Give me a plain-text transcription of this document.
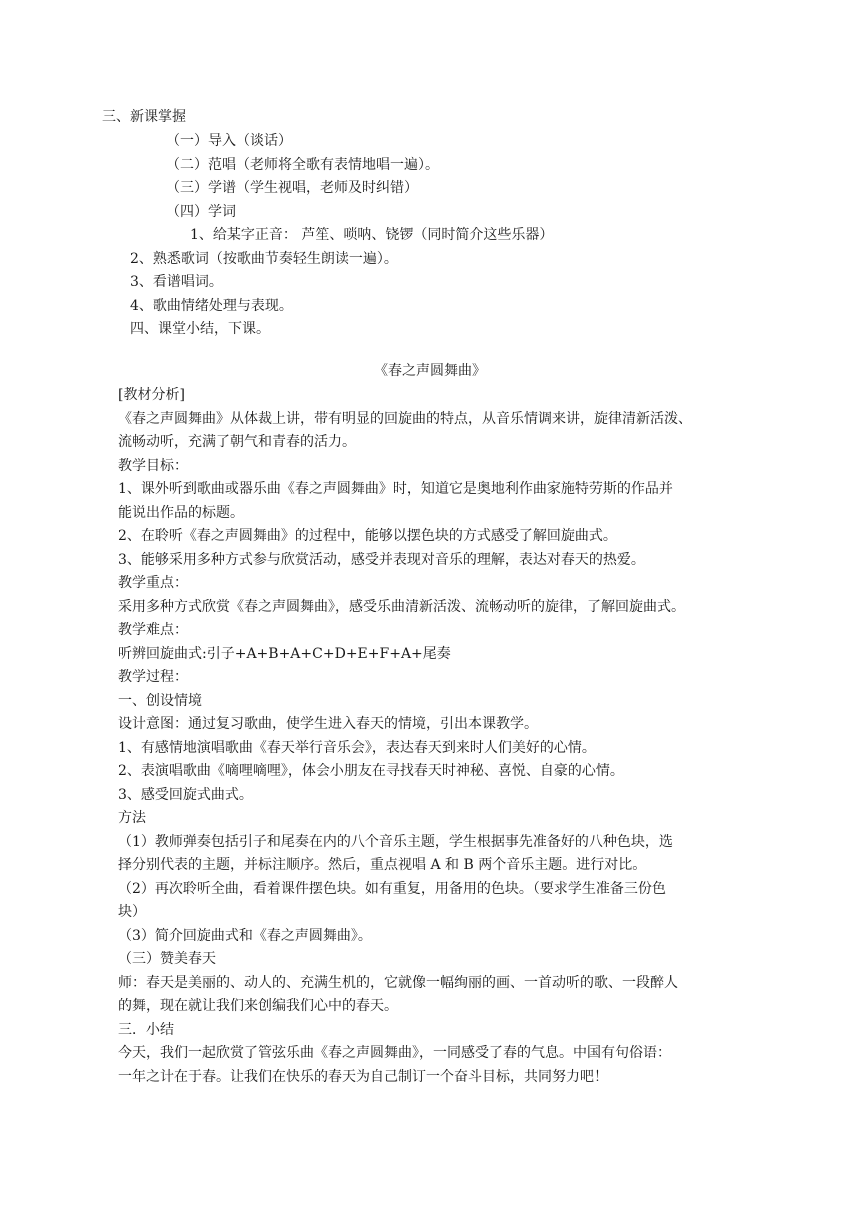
三、新课掌握
（一）导入（谈话）
（二）范唱（老师将全歌有表情地唱一遍）。
（三）学谱（学生视唱，老师及时纠错）
（四）学词
1、给某字正音： 芦笙、唢呐、铙锣（同时简介这些乐器）
2、熟悉歌词（按歌曲节奏轻生朗读一遍）。
3、看谱唱词。
4、歌曲情绪处理与表现。
四、课堂小结，下课。
《春之声圆舞曲》
[教材分析]
《春之声圆舞曲》从体裁上讲，带有明显的回旋曲的特点，从音乐情调来讲，旋律清新活泼、
流畅动听，充满了朝气和青春的活力。
教学目标：
1、课外听到歌曲或器乐曲《春之声圆舞曲》时，知道它是奥地利作曲家施特劳斯的作品并
能说出作品的标题。
2、在聆听《春之声圆舞曲》的过程中，能够以摆色块的方式感受了解回旋曲式。
3、能够采用多种方式参与欣赏活动，感受并表现对音乐的理解，表达对春天的热爱。
教学重点：
采用多种方式欣赏《春之声圆舞曲》，感受乐曲清新活泼、流畅动听的旋律，了解回旋曲式。
教学难点：
听辨回旋曲式:引子+A+B+A+C+D+E+F+A+尾奏
教学过程：
一、创设情境
设计意图：通过复习歌曲，使学生进入春天的情境，引出本课教学。
1、有感情地演唱歌曲《春天举行音乐会》，表达春天到来时人们美好的心情。
2、表演唱歌曲《嘀哩嘀哩》，体会小朋友在寻找春天时神秘、喜悦、自豪的心情。
3、感受回旋式曲式。
方法
（1）教师弹奏包括引子和尾奏在内的八个音乐主题，学生根据事先准备好的八种色块，选
择分别代表的主题，并标注顺序。然后，重点视唱 A 和 B 两个音乐主题。进行对比。
（2）再次聆听全曲，看着课件摆色块。如有重复，用备用的色块。（要求学生准备三份色
块）
（3）简介回旋曲式和《春之声圆舞曲》。
（三）赞美春天
师：春天是美丽的、动人的、充满生机的，它就像一幅绚丽的画、一首动听的歌、一段醉人
的舞，现在就让我们来创编我们心中的春天。
三．小结
今天，我们一起欣赏了管弦乐曲《春之声圆舞曲》，一同感受了春的气息。中国有句俗语：
一年之计在于春。让我们在快乐的春天为自己制订一个奋斗目标，共同努力吧！
